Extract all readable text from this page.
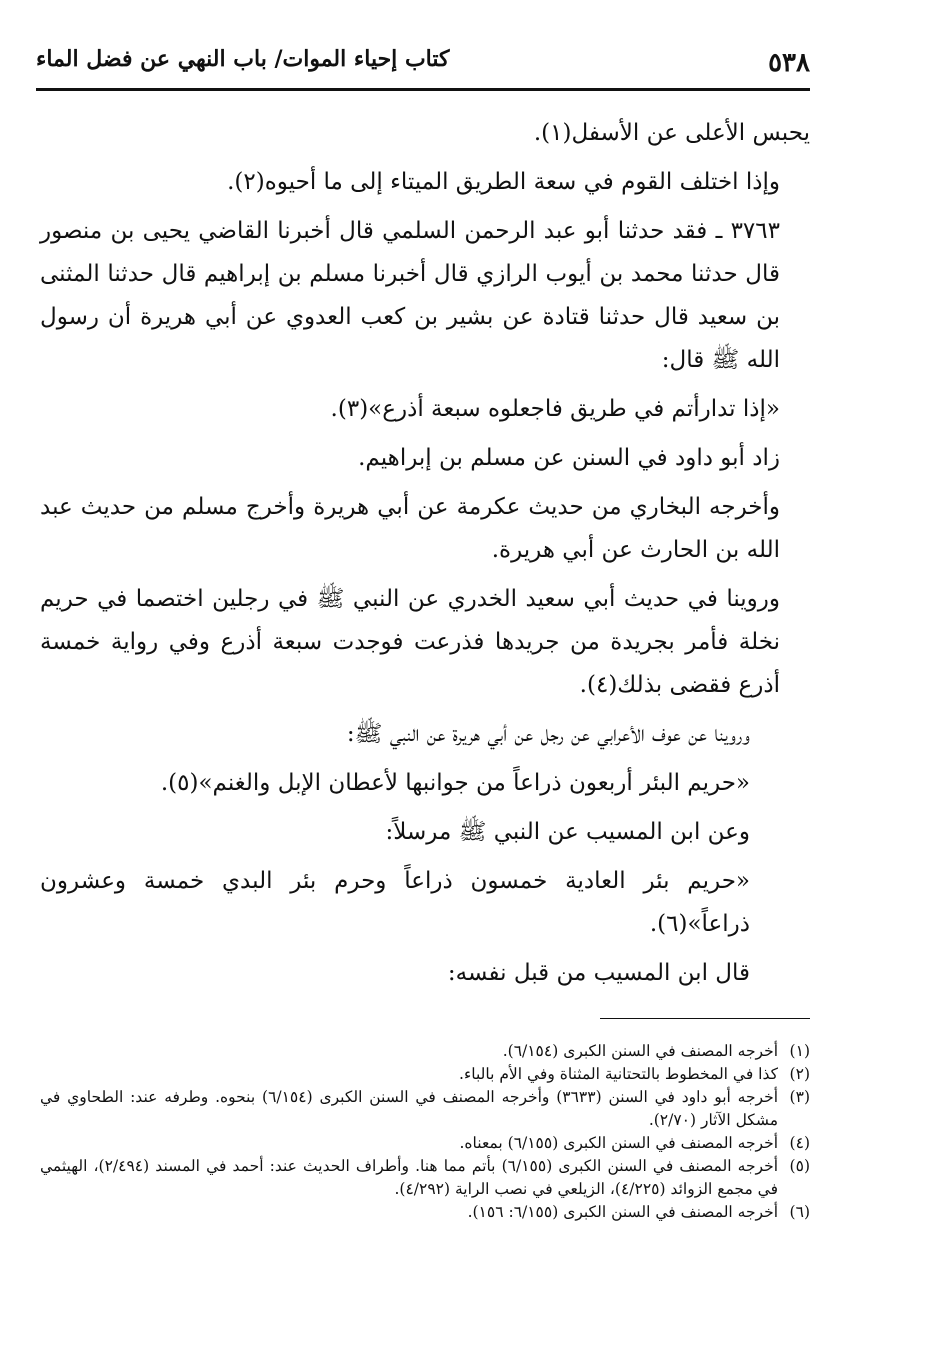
٥٣٨
كتاب إحياء الموات/ باب النهي عن فضل الماء
يحبس الأعلى عن الأسفل(١).
وإذا اختلف القوم في سعة الطريق الميتاء إلى ما أحيوه(٢).
٣٧٦٣ ـ فقد حدثنا أبو عبد الرحمن السلمي قال أخبرنا القاضي يحيى بن منصور قال حدثنا محمد بن أيوب الرازي قال أخبرنا مسلم بن إبراهيم قال حدثنا المثنى بن سعيد قال حدثنا قتادة عن بشير بن كعب العدوي عن أبي هريرة أن رسول الله ﷺ قال:
«إذا تدارأتم في طريق فاجعلوه سبعة أذرع»(٣).
زاد أبو داود في السنن عن مسلم بن إبراهيم.
وأخرجه البخاري من حديث عكرمة عن أبي هريرة وأخرج مسلم من حديث عبد الله بن الحارث عن أبي هريرة.
وروينا في حديث أبي سعيد الخدري عن النبي ﷺ في رجلين اختصما في حريم نخلة فأمر بجريدة من جريدها فذرعت فوجدت سبعة أذرع وفي رواية خمسة أذرع فقضى بذلك(٤).
وروينا عن عوف الأعرابي عن رجل عن أبي هريرة عن النبي ﷺ:
«حريم البئر أربعون ذراعاً من جوانبها لأعطان الإبل والغنم»(٥).
وعن ابن المسيب عن النبي ﷺ مرسلاً:
«حريم بئر العادية خمسون ذراعاً وحرم بئر البدي خمسة وعشرون ذراعاً»(٦).
قال ابن المسيب من قبل نفسه:
(١)
أخرجه المصنف في السنن الكبرى (٦/١٥٤).
(٢)
كذا في المخطوط بالتحتانية المثناة وفي الأم بالباء.
(٣)
أخرجه أبو داود في السنن (٣٦٣٣) وأخرجه المصنف في السنن الكبرى (٦/١٥٤) بنحوه. وطرفه عند: الطحاوي في مشكل الآثار (٢/٧٠).
(٤)
أخرجه المصنف في السنن الكبرى (٦/١٥٥) بمعناه.
(٥)
أخرجه المصنف في السنن الكبرى (٦/١٥٥) بأتم مما هنا. وأطراف الحديث عند: أحمد في المسند (٢/٤٩٤)، الهيثمي في مجمع الزوائد (٤/٢٢٥)، الزيلعي في نصب الراية (٤/٢٩٢).
(٦)
أخرجه المصنف في السنن الكبرى (٦/١٥٥: ١٥٦).
